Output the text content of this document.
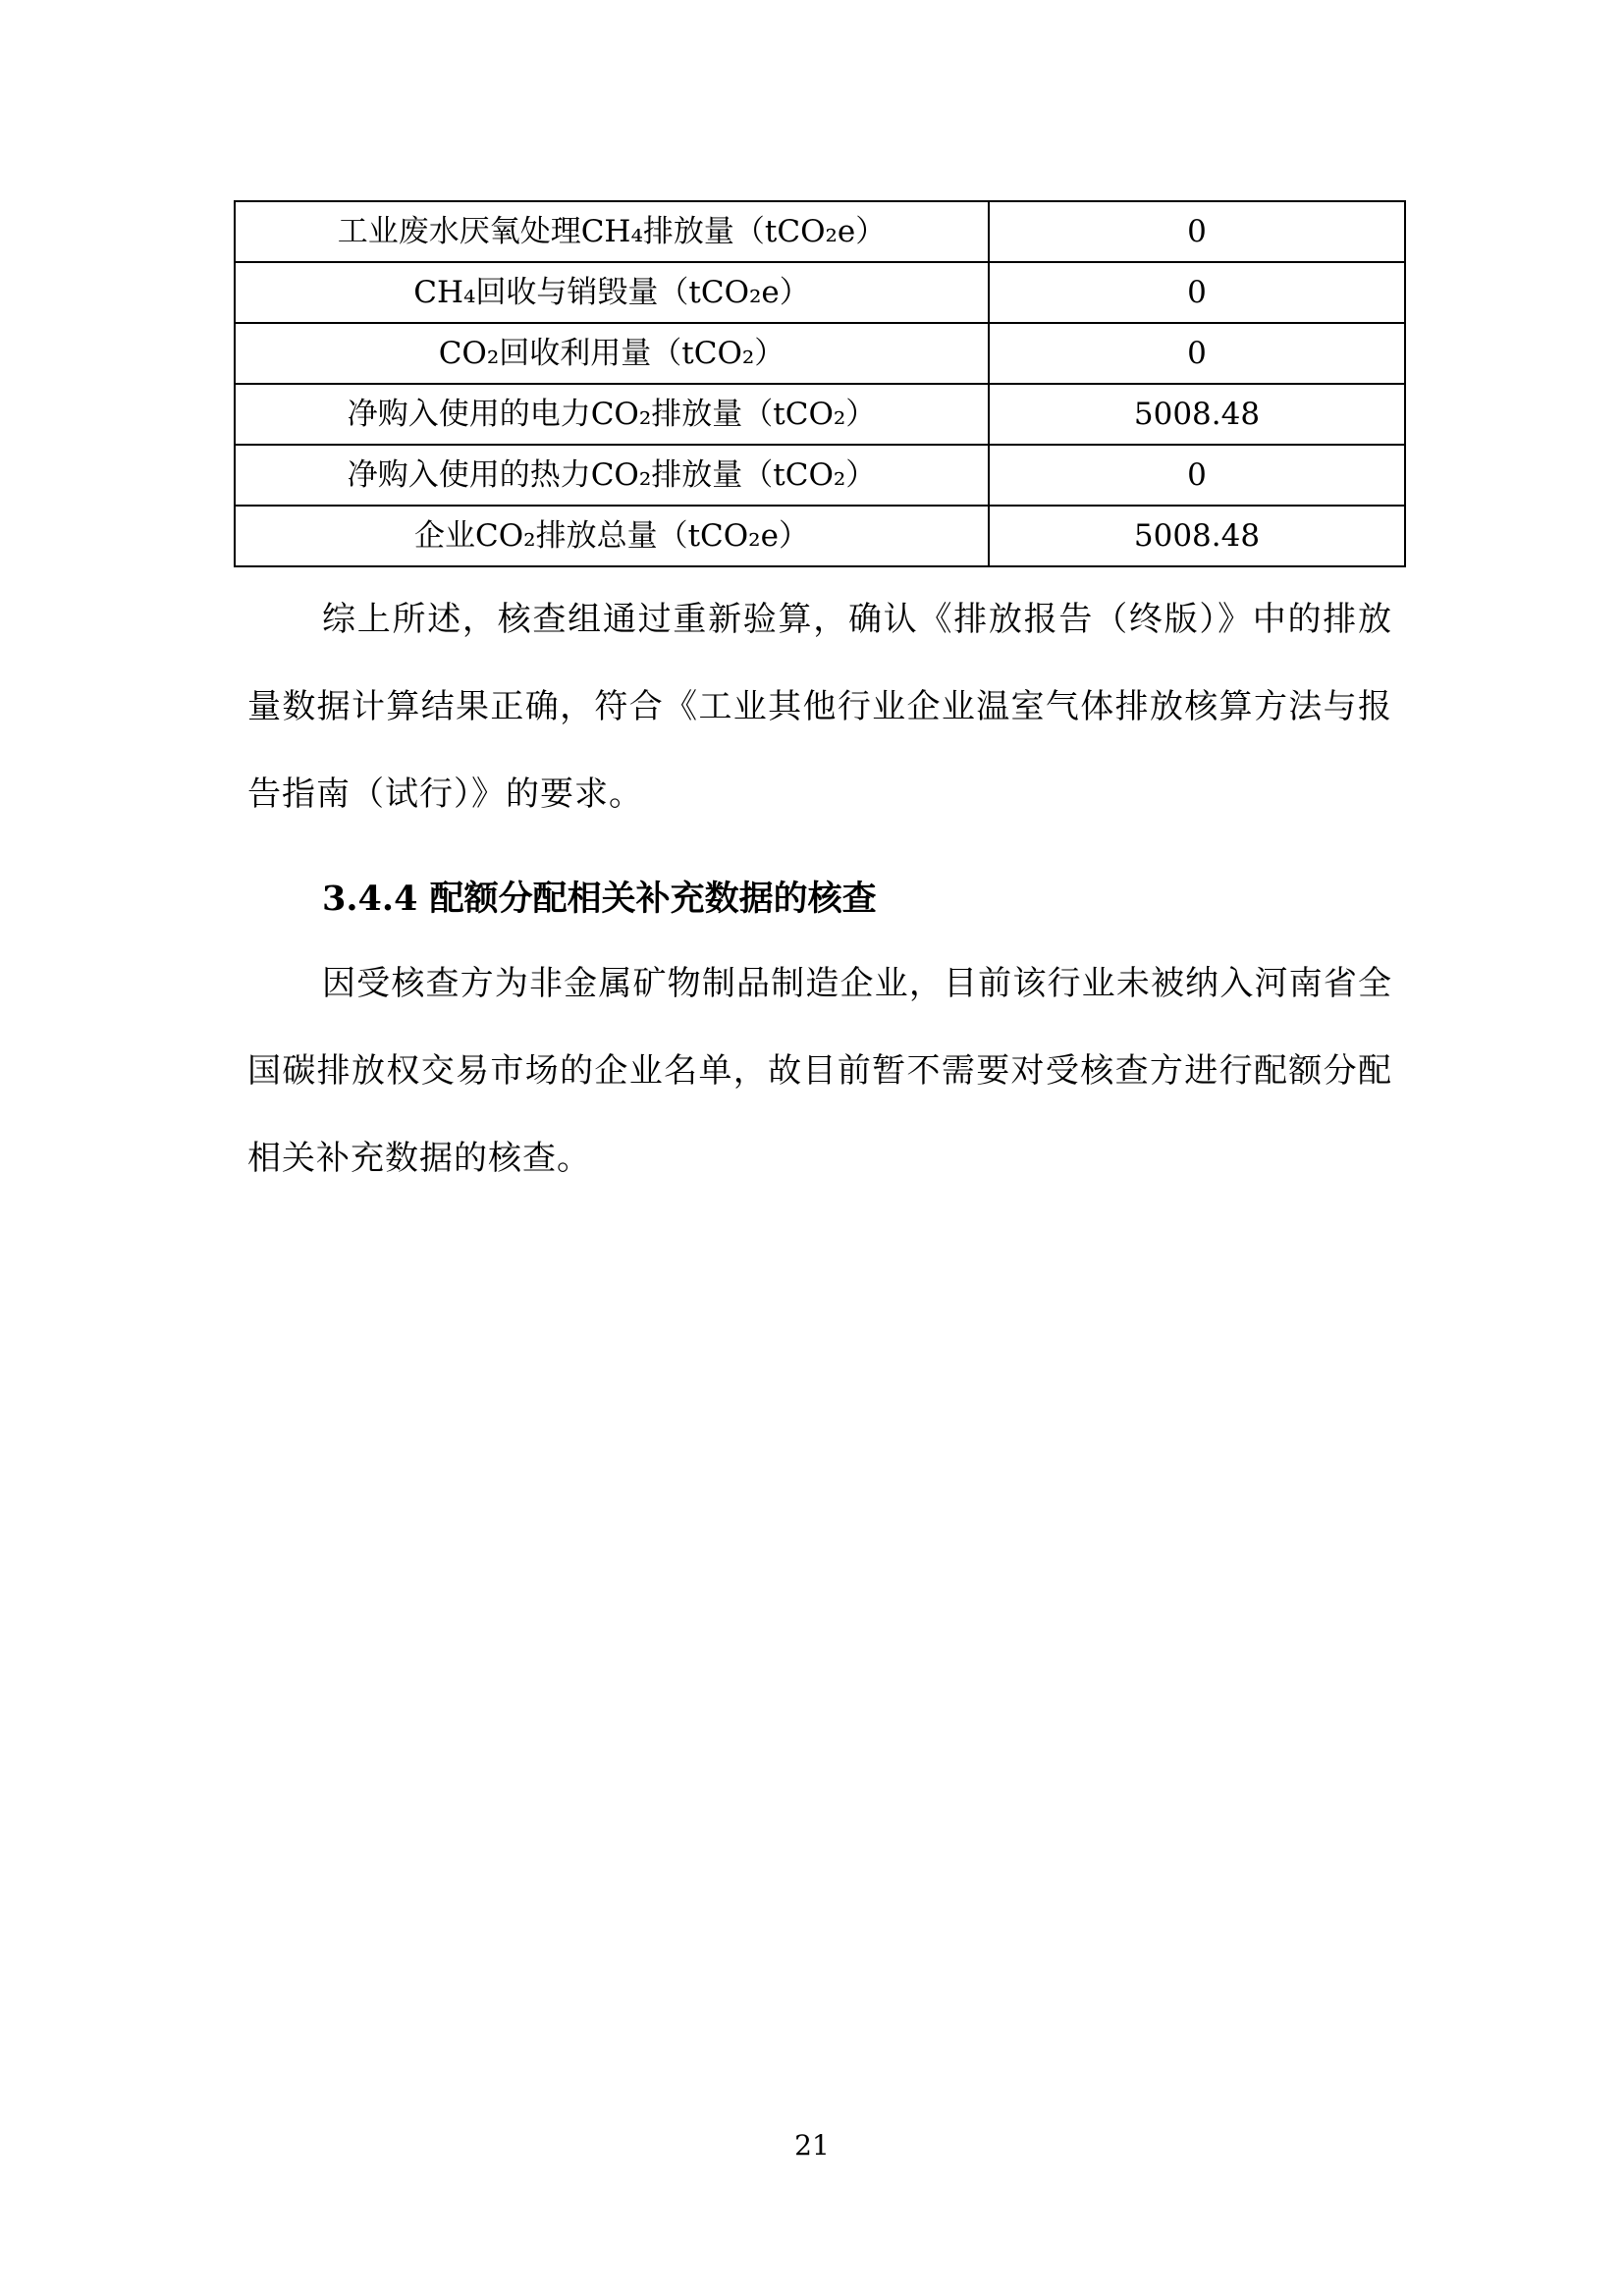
工业废水厌氧处理CH₄排放量（tCO₂e）	0
CH₄回收与销毁量（tCO₂e）	0
CO₂回收利用量（tCO₂）	0
净购入使用的电力CO₂排放量（tCO₂）	5008.48
净购入使用的热力CO₂排放量（tCO₂）	0
企业CO₂排放总量（tCO₂e）	5008.48

综上所述，核查组通过重新验算，确认《排放报告（终版）》中的排放量数据计算结果正确，符合《工业其他行业企业温室气体排放核算方法与报告指南（试行）》的要求。

3.4.4 配额分配相关补充数据的核查

因受核查方为非金属矿物制品制造企业，目前该行业未被纳入河南省全国碳排放权交易市场的企业名单，故目前暂不需要对受核查方进行配额分配相关补充数据的核查。

21
